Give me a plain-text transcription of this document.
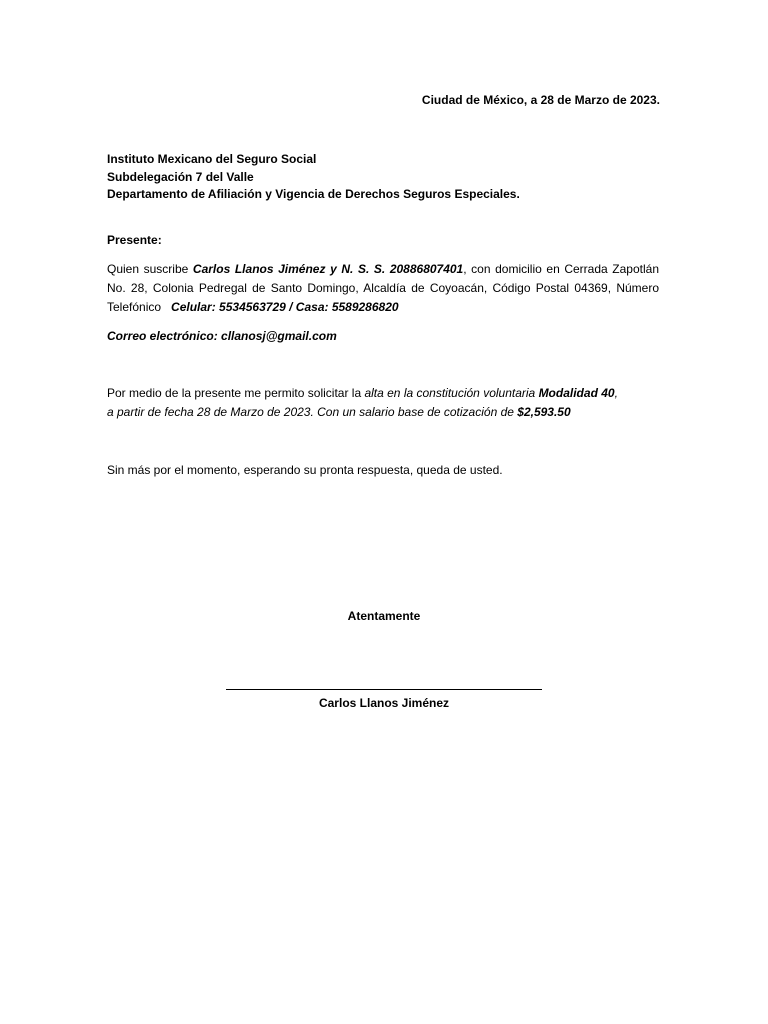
Ciudad de México, a 28 de Marzo de 2023.
Instituto Mexicano del Seguro Social
Subdelegación 7 del Valle
Departamento de Afiliación y Vigencia de Derechos Seguros Especiales.
Presente:
Quien suscribe Carlos Llanos Jiménez y N. S. S. 20886807401, con domicilio en Cerrada Zapotlán
No. 28, Colonia Pedregal de Santo Domingo, Alcaldía de Coyoacán, Código Postal 04369, Número
Telefónico   Celular: 5534563729 / Casa: 5589286820
Correo electrónico: cllanosj@gmail.com
Por medio de la presente me permito solicitar la alta en la constitución voluntaria Modalidad 40,
a partir de fecha 28 de Marzo de 2023. Con un salario base de cotización de $2,593.50
Sin más por el momento, esperando su pronta respuesta, queda de usted.
Atentamente
Carlos Llanos Jiménez
